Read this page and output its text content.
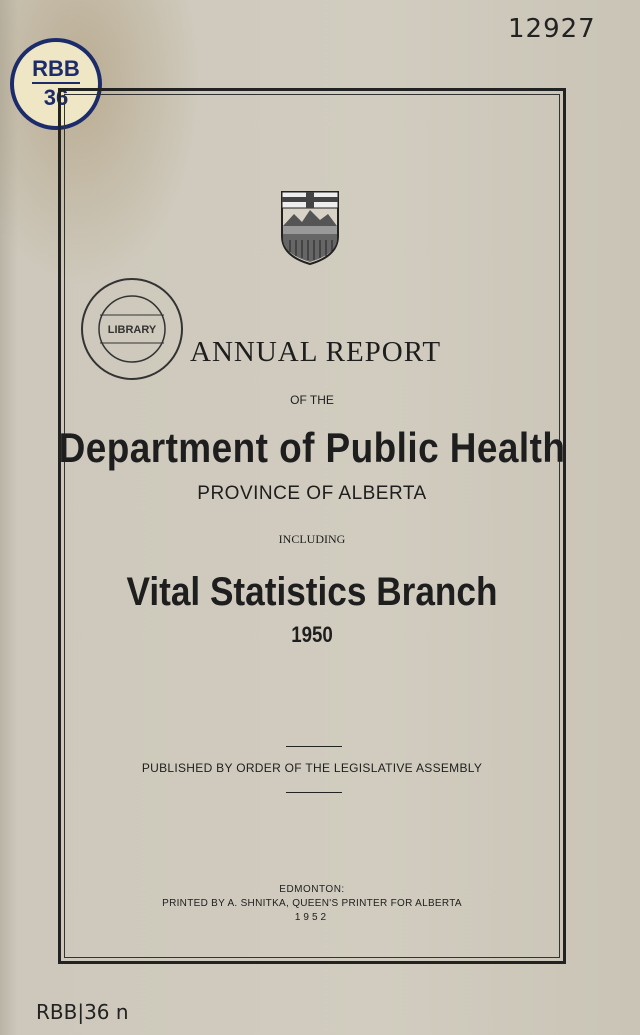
RBB
36
12927
LIBRARY
ANNUAL REPORT
OF THE
Department of Public Health
PROVINCE OF ALBERTA
INCLUDING
Vital Statistics Branch
1950
PUBLISHED BY ORDER OF THE LEGISLATIVE ASSEMBLY
EDMONTON:
PRINTED BY A. SHNITKA, QUEEN'S PRINTER FOR ALBERTA
1952
RBB|36 n
